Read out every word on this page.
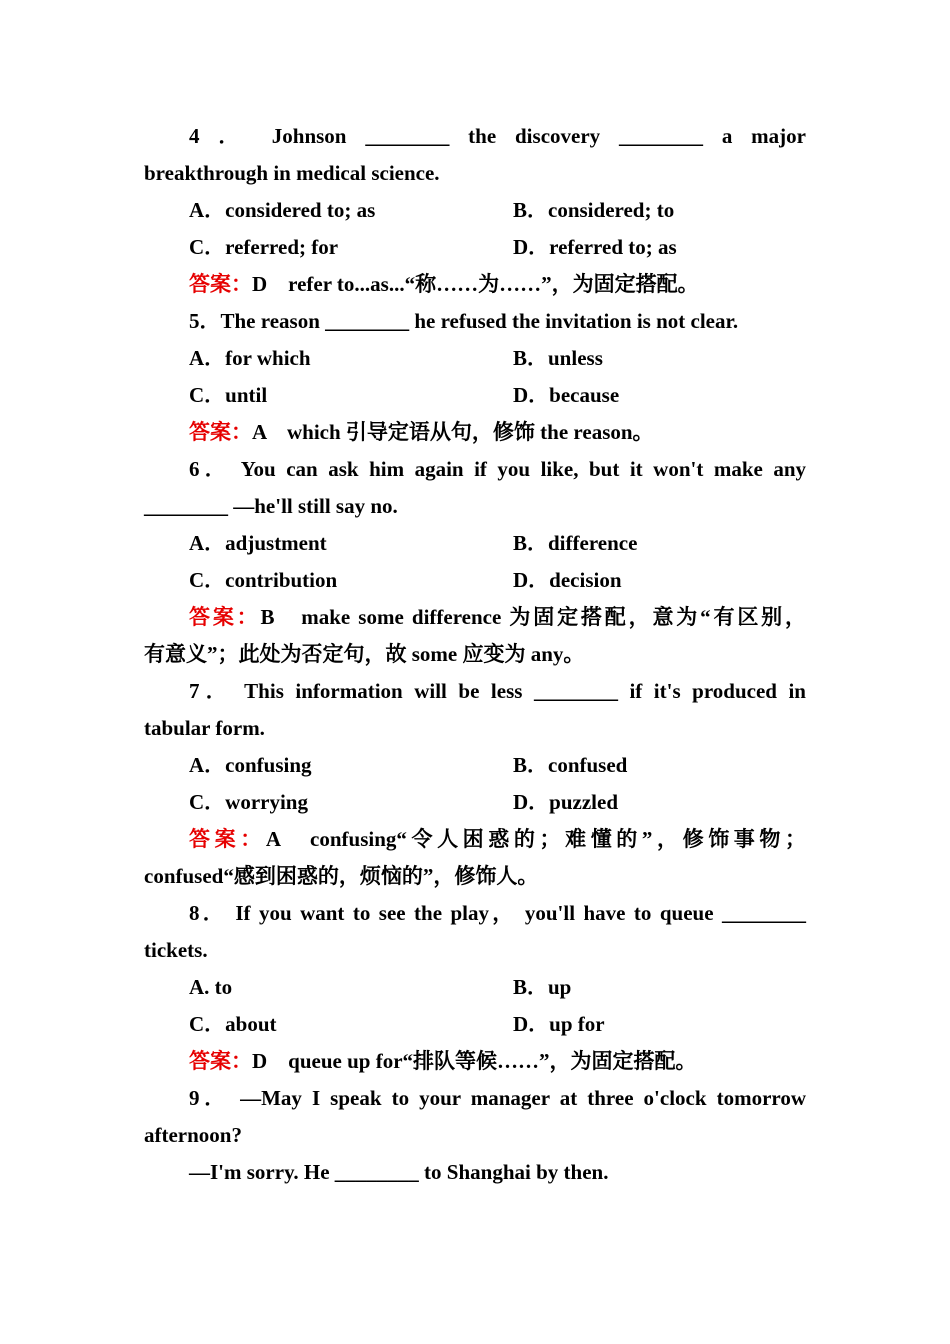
4 ． Johnson ________ the discovery ________ a major
breakthrough in medical science.
A．considered to; as	B．considered; to
C．referred; for	D．referred to; as
答案：D　refer to...as...“称……为……”，为固定搭配。
5．The reason ________ he refused the invitation is not clear.
A．for which	B．unless
C．until	D．because
答案：A　which 引导定语从句，修饰 the reason。
6． You can ask him again if you like, but it won't make any
________ —he'll still say no.
A．adjustment	B．difference
C．contribution	D．decision
答案：B　make some difference 为固定搭配，意为“有区别，
有意义”；此处为否定句，故 some 应变为 any。
7． This information will be less ________ if it's produced in
tabular form.
A．confusing	B．confused
C．worrying	D．puzzled
答案：A　confusing“令人困惑的；难懂的”，修饰事物；
confused“感到困惑的，烦恼的”，修饰人。
8． If you want to see the play， you'll have to queue ________
tickets.
A. to	B．up
C．about	D．up for
答案：D　queue up for“排队等候……”，为固定搭配。
9． —May I speak to your manager at three o'clock tomorrow
afternoon?
—I'm sorry. He ________ to Shanghai by then.
